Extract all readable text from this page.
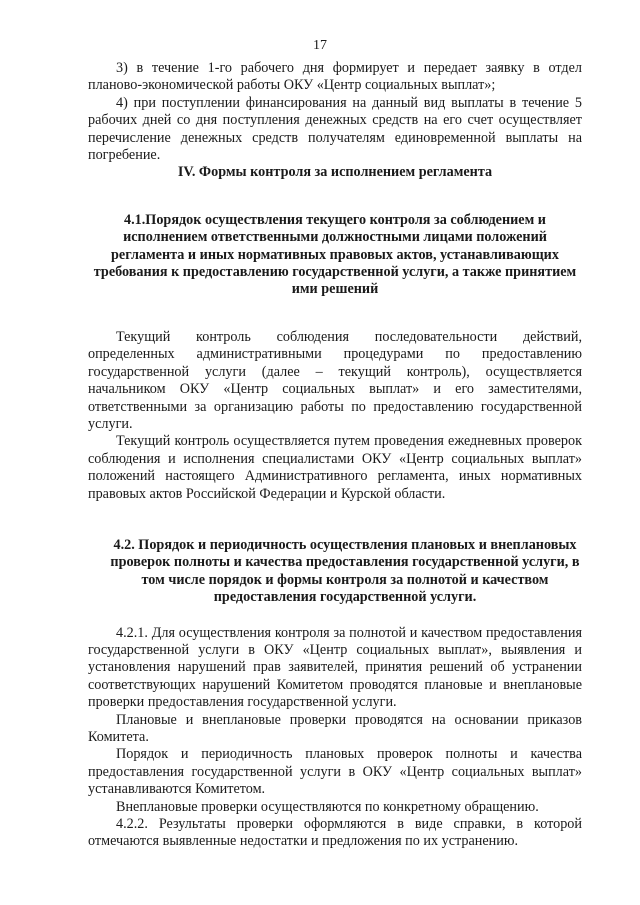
17

3) в течение 1-го рабочего дня формирует и передает заявку в отдел планово-экономической работы ОКУ «Центр социальных выплат»;

4) при поступлении финансирования на данный вид выплаты в течение 5 рабочих дней со дня поступления денежных средств на его счет осуществляет перечисление денежных средств получателям единовременной выплаты на погребение.

IV. Формы контроля за исполнением регламента

4.1.Порядок осуществления текущего контроля за соблюдением и исполнением ответственными должностными лицами положений регламента и иных нормативных правовых актов, устанавливающих требования к предоставлению государственной услуги, а также принятием ими решений

Текущий контроль соблюдения последовательности действий, определенных административными процедурами по предоставлению государственной услуги (далее – текущий контроль), осуществляется начальником ОКУ «Центр социальных выплат» и его заместителями, ответственными за организацию работы по предоставлению государственной услуги.

Текущий контроль осуществляется путем проведения ежедневных проверок соблюдения и исполнения специалистами ОКУ «Центр социальных выплат» положений настоящего Административного регламента, иных нормативных правовых актов Российской Федерации и Курской области.

4.2. Порядок и периодичность осуществления плановых и внеплановых проверок полноты и качества предоставления государственной услуги, в том числе порядок и формы контроля за полнотой и качеством предоставления государственной услуги.

4.2.1. Для осуществления контроля за полнотой и качеством предоставления государственной услуги в ОКУ «Центр социальных выплат», выявления и установления нарушений прав заявителей, принятия решений об устранении соответствующих нарушений Комитетом проводятся плановые и внеплановые проверки предоставления государственной услуги.

Плановые и внеплановые проверки проводятся на основании приказов Комитета.

Порядок и периодичность плановых проверок полноты и качества предоставления государственной услуги в ОКУ «Центр социальных выплат» устанавливаются Комитетом.

Внеплановые проверки осуществляются по конкретному обращению.

4.2.2. Результаты проверки оформляются в виде справки, в которой отмечаются выявленные недостатки и предложения по их устранению.
